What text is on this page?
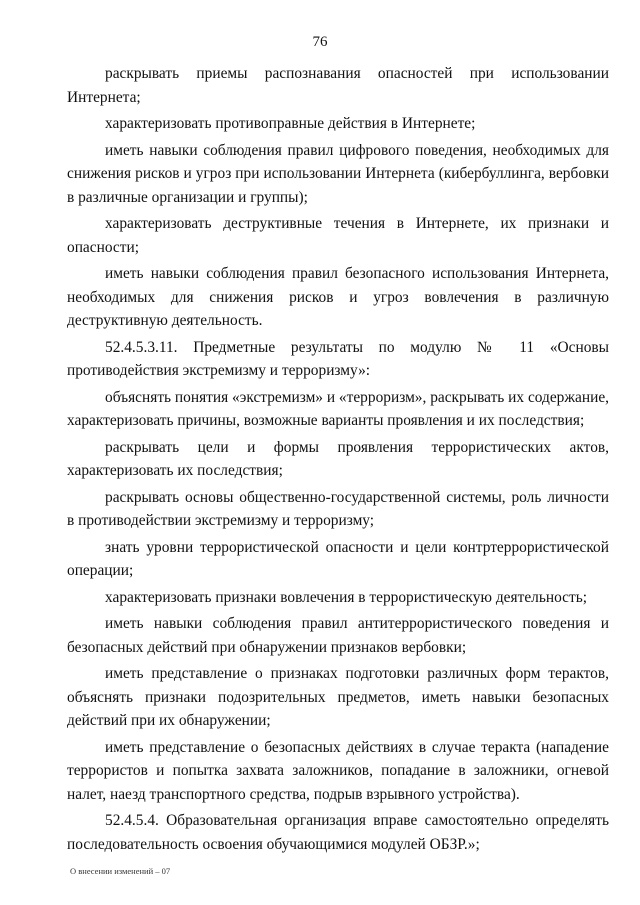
76

раскрывать приемы распознавания опасностей при использовании Интернета;

характеризовать противоправные действия в Интернете;

иметь навыки соблюдения правил цифрового поведения, необходимых для снижения рисков и угроз при использовании Интернета (кибербуллинга, вербовки в различные организации и группы);

характеризовать деструктивные течения в Интернете, их признаки и опасности;

иметь навыки соблюдения правил безопасного использования Интернета, необходимых для снижения рисков и угроз вовлечения в различную деструктивную деятельность.

52.4.5.3.11. Предметные результаты по модулю № 11 «Основы противодействия экстремизму и терроризму»:

объяснять понятия «экстремизм» и «терроризм», раскрывать их содержание, характеризовать причины, возможные варианты проявления и их последствия;

раскрывать цели и формы проявления террористических актов, характеризовать их последствия;

раскрывать основы общественно-государственной системы, роль личности в противодействии экстремизму и терроризму;

знать уровни террористической опасности и цели контртеррористической операции;

характеризовать признаки вовлечения в террористическую деятельность;

иметь навыки соблюдения правил антитеррористического поведения и безопасных действий при обнаружении признаков вербовки;

иметь представление о признаках подготовки различных форм терактов, объяснять признаки подозрительных предметов, иметь навыки безопасных действий при их обнаружении;

иметь представление о безопасных действиях в случае теракта (нападение террористов и попытка захвата заложников, попадание в заложники, огневой налет, наезд транспортного средства, подрыв взрывного устройства).

52.4.5.4. Образовательная организация вправе самостоятельно определять последовательность освоения обучающимися модулей ОБЗР.»;

О внесении изменений – 07
